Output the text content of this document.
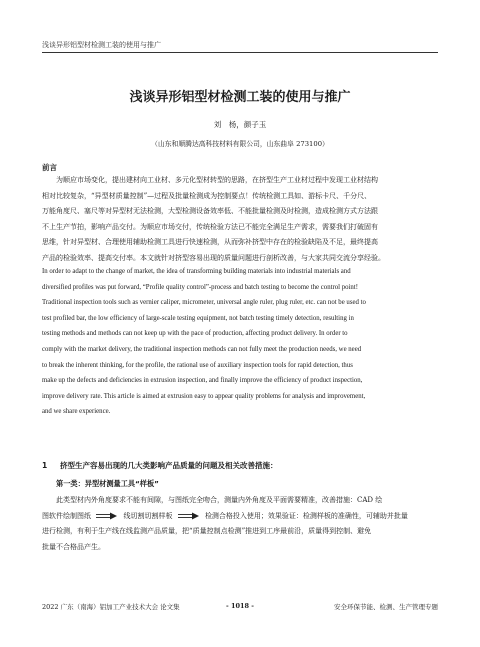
浅谈异形铝型材检测工装的使用与推广
浅谈异形铝型材检测工装的使用与推广
刘　杨，颜子玉
（山东和顺腾达高科技材料有限公司，山东曲阜 273100）
前言
为顺应市场变化，提出建材向工业材、多元化型材转型的思路，在挤型生产工业材过程中发现工业材结构
相对比较复杂，“异型材质量控制”—过程及批量检测成为控制要点！传统检测工具如、游标卡尺、千分尺、
万能角度尺、塞尺等对异型材无法检测，大型检测设备效率低、不能批量检测及时检测，造成检测方式方法跟
不上生产节拍，影响产品交付。为顺应市场交付，传统检验方法已不能完全满足生产需求，需要我们打破固有
思维，针对异型材、合理使用辅助检测工具进行快速检测，从而弥补挤型中存在的检验缺陷及不足，最终提高
产品的检验效率、提高交付率。本文就针对挤型容易出现的质量问题进行剖析改善，与大家共同交流分享经验。
In order to adapt to the change of market, the idea of transforming building materials into industrial materials and
diversified profiles was put forward, “Profile quality control”-process and batch testing to become the control point!
Traditional inspection tools such as vernier caliper, micrometer, universal angle ruler, plug ruler, etc. can not be used to
test profiled bar, the low efficiency of large-scale testing equipment, not batch testing timely detection, resulting in
testing methods and methods can not keep up with the pace of production, affecting product delivery. In order to
comply with the market delivery, the traditional inspection methods can not fully meet the production needs, we need
to break the inherent thinking, for the profile, the rational use of auxiliary inspection tools for rapid detection, thus
make up the defects and deficiencies in extrusion inspection, and finally improve the efficiency of product inspection,
improve delivery rate. This article is aimed at extrusion easy to appear quality problems for analysis and improvement,
and we share experience.
1 挤型生产容易出现的几大类影响产品质量的问题及相关改善措施：
第一类：异型材测量工具“样板”
此类型材内外角度要求不能有间隙，与图纸完全吻合，测量内外角度及平面需要精准，改善措施：CAD 绘
图软件绘制图纸	线切割切割样板	检测合格投入使用；效果验证：检测样板的准确性，可辅助并批量
进行检测，有利于生产线在线监测产品质量，把“质量控制点检测”推进到工序最前沿，质量得到控制、避免
批量不合格品产生。
2022 广东（南海）铝加工产业技术大会 论文集	- 1018 -	安全环保节能、检测、生产管理专题
